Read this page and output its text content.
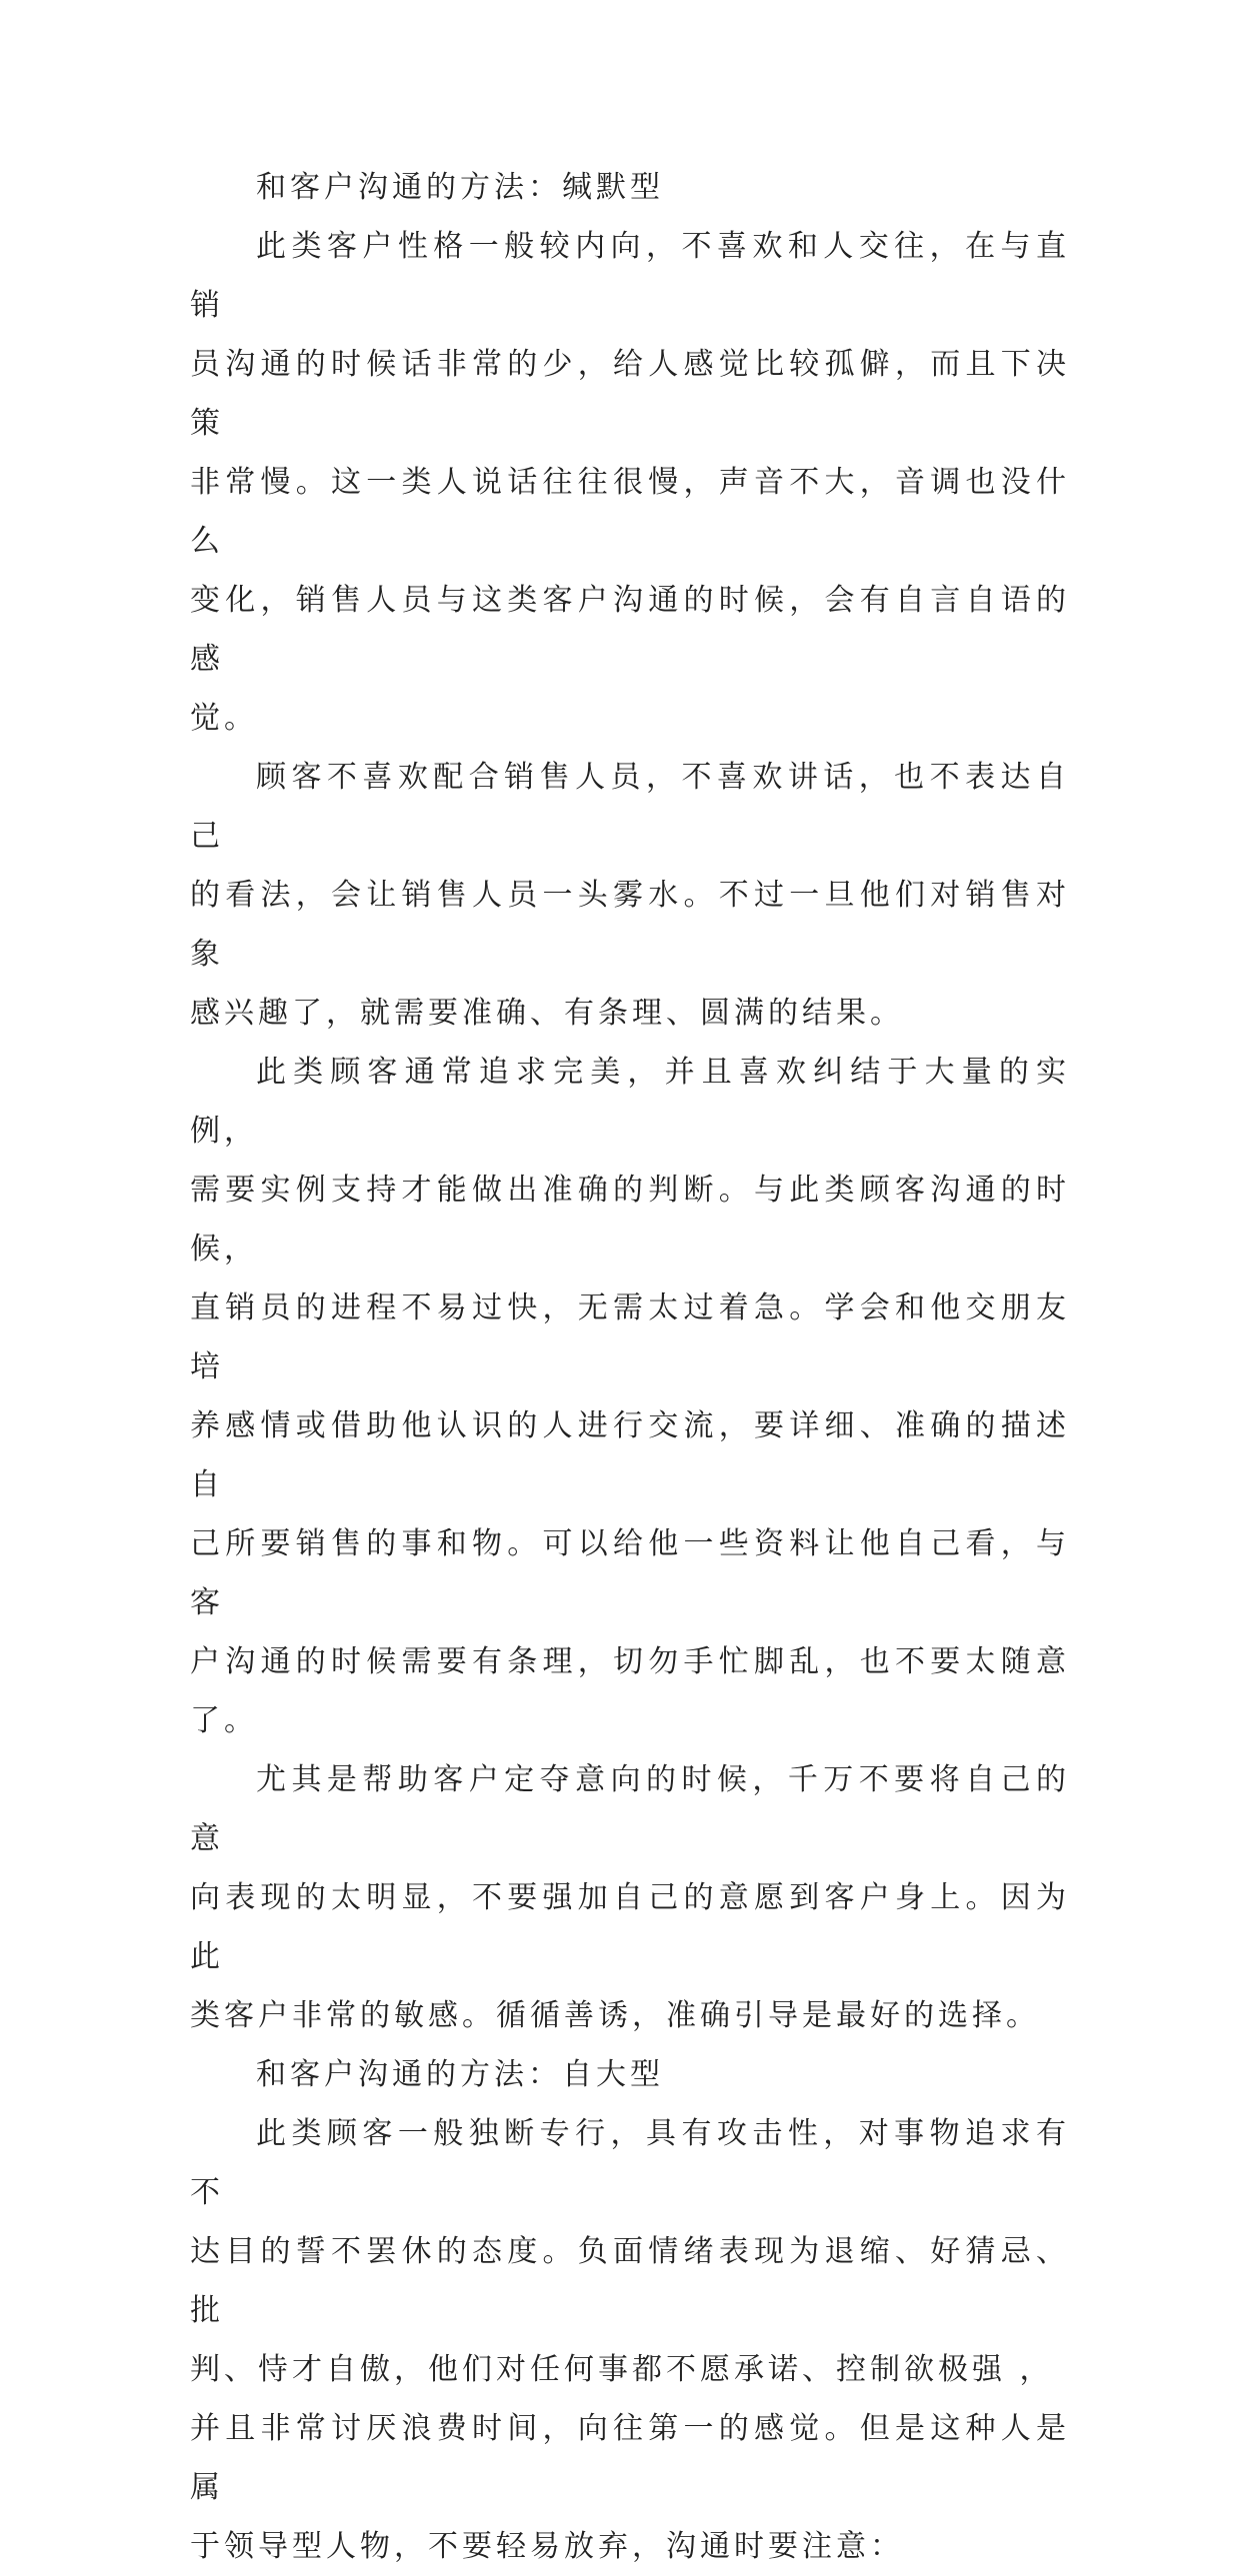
和客户沟通的方法：缄默型

此类客户性格一般较内向，不喜欢和人交往，在与直销
员沟通的时候话非常的少，给人感觉比较孤僻，而且下决策
非常慢。这一类人说话往往很慢，声音不大，音调也没什么
变化，销售人员与这类客户沟通的时候，会有自言自语的感
觉。

顾客不喜欢配合销售人员，不喜欢讲话，也不表达自己
的看法，会让销售人员一头雾水。不过一旦他们对销售对象
感兴趣了，就需要准确、有条理、圆满的结果。

此类顾客通常追求完美，并且喜欢纠结于大量的实例，
需要实例支持才能做出准确的判断。与此类顾客沟通的时候，
直销员的进程不易过快，无需太过着急。学会和他交朋友培
养感情或借助他认识的人进行交流，要详细、准确的描述自
己所要销售的事和物。可以给他一些资料让他自己看，与客
户沟通的时候需要有条理，切勿手忙脚乱，也不要太随意了。

尤其是帮助客户定夺意向的时候，千万不要将自己的意
向表现的太明显，不要强加自己的意愿到客户身上。因为此
类客户非常的敏感。循循善诱，准确引导是最好的选择。

和客户沟通的方法：自大型

此类顾客一般独断专行，具有攻击性，对事物追求有不
达目的誓不罢休的态度。负面情绪表现为退缩、好猜忌、批
判、恃才自傲，他们对任何事都不愿承诺、控制欲极强 ，
并且非常讨厌浪费时间，向往第一的感觉。但是这种人是属
于领导型人物，不要轻易放弃，沟通时要注意：
